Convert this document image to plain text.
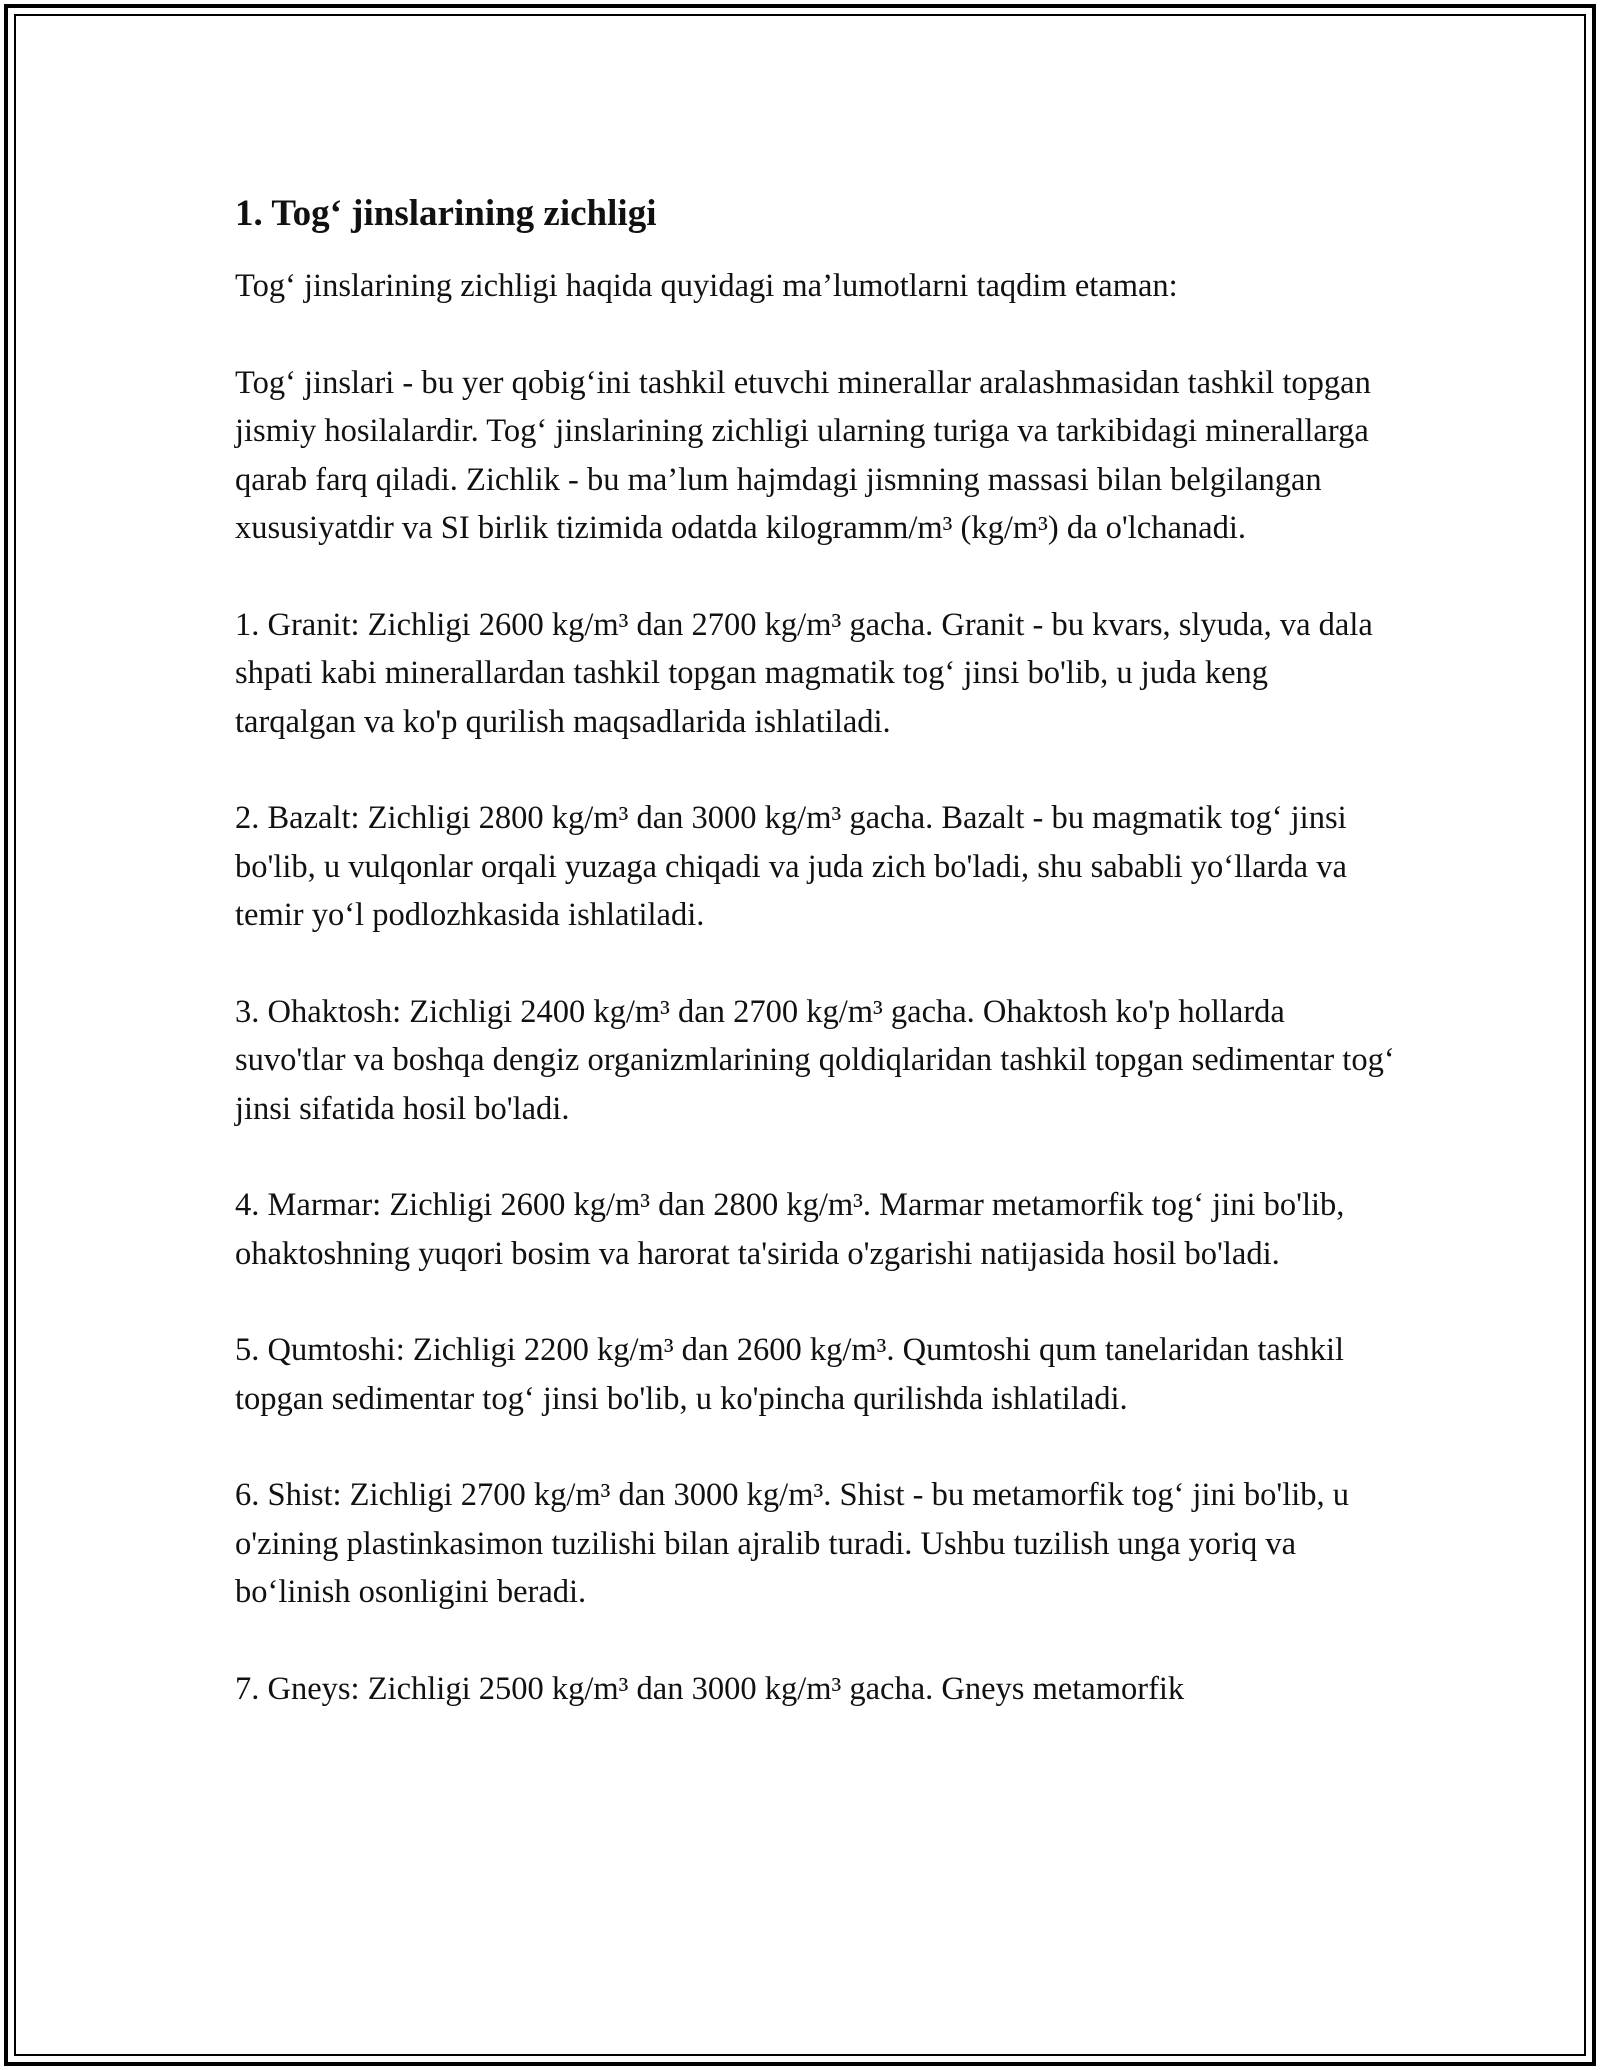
1. Tog‘ jinslarining zichligi

Tog‘ jinslarining zichligi haqida quyidagi ma’lumotlarni taqdim etaman:

Tog‘ jinslari - bu yer qobig‘ini tashkil etuvchi minerallar aralashmasidan tashkil topgan jismiy hosilalardir. Tog‘ jinslarining zichligi ularning turiga va tarkibidagi minerallarga qarab farq qiladi. Zichlik - bu ma’lum hajmdagi jismning massasi bilan belgilangan xususiyatdir va SI birlik tizimida odatda kilogramm/m³ (kg/m³) da o'lchanadi.

1. Granit: Zichligi 2600 kg/m³ dan 2700 kg/m³ gacha. Granit - bu kvars, slyuda, va dala shpati kabi minerallardan tashkil topgan magmatik tog‘ jinsi bo'lib, u juda keng tarqalgan va ko'p qurilish maqsadlarida ishlatiladi.

2. Bazalt: Zichligi 2800 kg/m³ dan 3000 kg/m³ gacha. Bazalt - bu magmatik tog‘ jinsi bo'lib, u vulqonlar orqali yuzaga chiqadi va juda zich bo'ladi, shu sababli yo‘llarda va temir yo‘l podlozhkasida ishlatiladi.

3. Ohaktosh: Zichligi 2400 kg/m³ dan 2700 kg/m³ gacha. Ohaktosh ko'p hollarda suvo'tlar va boshqa dengiz organizmlarining qoldiqlaridan tashkil topgan sedimentar tog‘ jinsi sifatida hosil bo'ladi.

4. Marmar: Zichligi 2600 kg/m³ dan 2800 kg/m³. Marmar metamorfik tog‘ jini bo'lib, ohaktoshning yuqori bosim va harorat ta'sirida o'zgarishi natijasida hosil bo'ladi.

5. Qumtoshi: Zichligi 2200 kg/m³ dan 2600 kg/m³. Qumtoshi qum tanelaridan tashkil topgan sedimentar tog‘ jinsi bo'lib, u ko'pincha qurilishda ishlatiladi.

6. Shist: Zichligi 2700 kg/m³ dan 3000 kg/m³. Shist - bu metamorfik tog‘ jini bo'lib, u o'zining plastinkasimon tuzilishi bilan ajralib turadi. Ushbu tuzilish unga yoriq va bo‘linish osonligini beradi.

7. Gneys: Zichligi 2500 kg/m³ dan 3000 kg/m³ gacha. Gneys metamorfik
